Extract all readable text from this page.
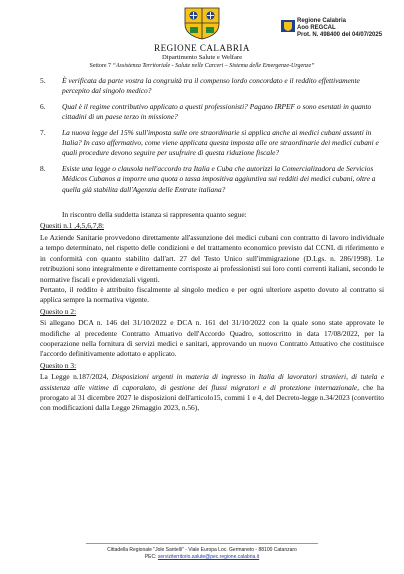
Regione Calabria
Aoo REGCAL
Prot. N. 498400 del 04/07/2025
REGIONE CALABRIA
Dipartimento Salute e Welfare
Settore 7 “Assistenza Territoriale - Salute nelle Carceri – Sistema delle Emergenze-Urgenze”
5. È verificata da parte vostra la congruità tra il compenso lordo concordato e il reddito effettivamente percepito dal singolo medico?
6. Qual è il regime contributivo applicato a questi professionisti? Pagano IRPEF o sono esentati in quanto cittadini di un paese terzo in missione?
7. La nuova legge del 15% sull'imposta sulle ore straordinarie si applica anche ai medici cubani assunti in Italia? In caso affermativo, come viene applicata questa imposta alle ore straordinarie dei medici cubani e quali procedure devono seguire per usufruire di questa riduzione fiscale?
8. Esiste una legge o clausola nell'accordo tra Italia e Cuba che autorizzi la Comercializadora de Servicios Médicos Cubanos a imporre una quota o tassa impositiva aggiuntiva sui redditi dei medici cubani, oltre a quella già stabilita dall'Agenzia delle Entrate italiana?

In riscontro della suddetta istanza si rappresenta quanto segue:

Quesiti n.1 ,4,5,6,7,8:

Le Aziende Sanitarie provvedono direttamente all'assunzione dei medici cubani con contratto di lavoro individuale a tempo determinato, nel rispetto delle condizioni e del trattamento economico previsto dal CCNL di riferimento e in conformità con quanto stabilito dall'art. 27 del Testo Unico sull'immigrazione (D.Lgs. n. 286/1998). Le retribuzioni sono integralmente e direttamente corrisposte ai professionisti sui loro conti correnti italiani, secondo le normative fiscali e previdenziali vigenti.

Pertanto, il reddito è attribuito fiscalmente al singolo medico e per ogni ulteriore aspetto dovuto al contratto si applica sempre la normativa vigente.

Quesito n 2:

Si allegano DCA n. 146 del 31/10/2022 e DCA n. 161 del 31/10/2022 con la quale sono state approvate le modifiche al precedente Contratto Attuativo dell'Accordo Quadro, sottoscritto in data 17/08/2022, per la cooperazione nella fornitura di servizi medici e sanitari, approvando un nuovo Contratto Attuativo che costituisce l'accordo definitivamente adottato e applicato.

Quesito n 3:

La Legge n.187/2024, Disposizioni urgenti in materia di ingresso in Italia di lavoratori stranieri, di tutela e assistenza alle vittime di caporalato, di gestione dei flussi migratori e di protezione internazionale, che ha prorogato al 31 dicembre 2027 le disposizioni dell'articolo15, commi 1 e 4, del Decreto-legge n.34/2023 (convertito con modificazioni dalla Legge 26maggio 2023, n.56),

Cittadella Regionale "Jole Santelli" - Viale Europa Loc. Germaneto - 88100 Catanzaro
PEC: serviziterritorio.salute@pec.regione.calabria.it
